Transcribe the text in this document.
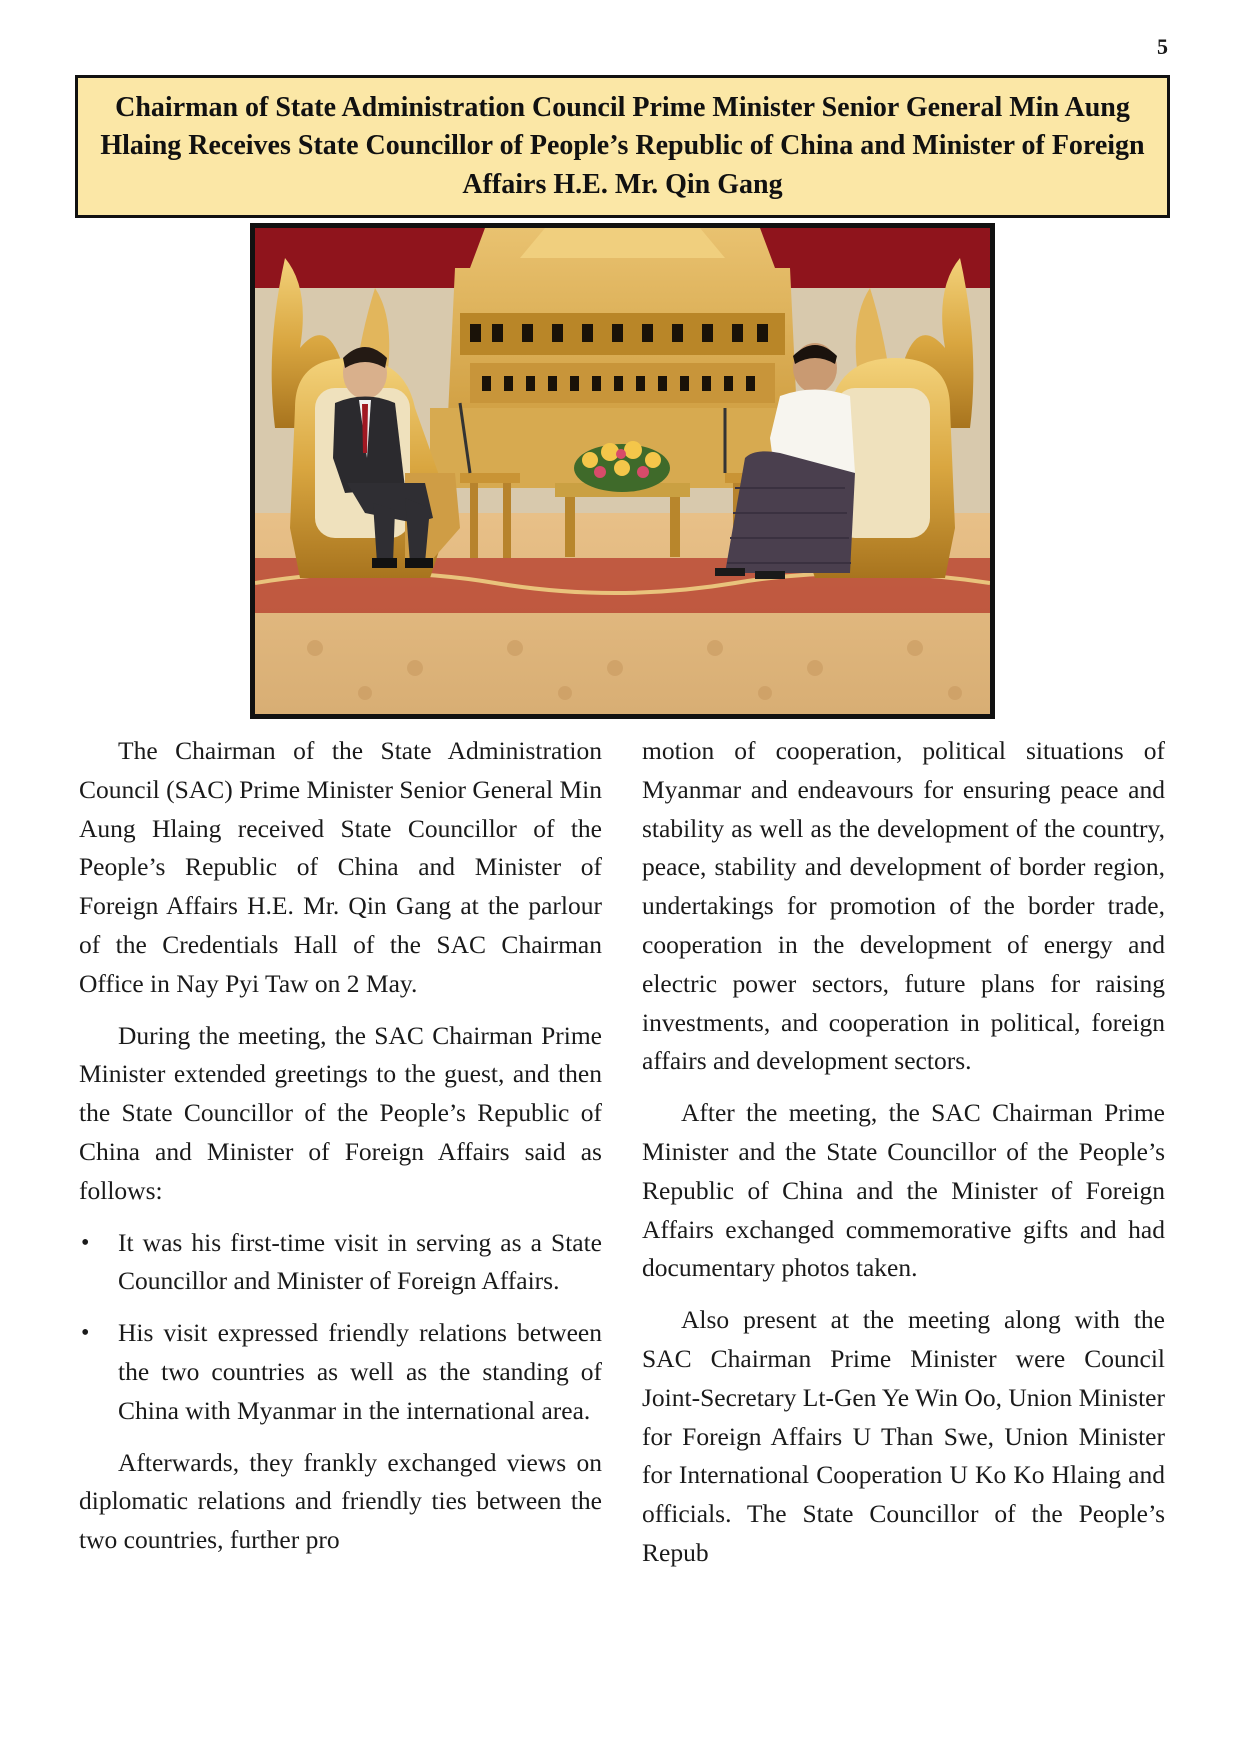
5
Chairman of State Administration Council Prime Minister Senior General Min Aung Hlaing Receives State Councillor of People’s Republic of China and Minister of Foreign Affairs H.E. Mr. Qin Gang

The Chairman of the State Administration Council (SAC) Prime Minister Senior General Min Aung Hlaing received State Councillor of the People’s Republic of China and Minister of Foreign Affairs H.E. Mr. Qin Gang at the parlour of the Credentials Hall of the SAC Chairman Office in Nay Pyi Taw on 2 May.

During the meeting, the SAC Chairman Prime Minister extended greetings to the guest, and then the State Councillor of the People’s Republic of China and Minister of Foreign Affairs said as follows:

• It was his first-time visit in serving as a State Councillor and Minister of Foreign Affairs.
• His visit expressed friendly relations between the two countries as well as the standing of China with Myanmar in the international area.

Afterwards, they frankly exchanged views on diplomatic relations and friendly ties between the two countries, further pro

motion of cooperation, political situations of Myanmar and endeavours for ensuring peace and stability as well as the development of the country, peace, stability and development of border region, undertakings for promotion of the border trade, cooperation in the development of energy and electric power sectors, future plans for raising investments, and cooperation in political, foreign affairs and development sectors.

After the meeting, the SAC Chairman Prime Minister and the State Councillor of the People’s Republic of China and the Minister of Foreign Affairs exchanged commemorative gifts and had documentary photos taken.

Also present at the meeting along with the SAC Chairman Prime Minister were Council Joint-Secretary Lt-Gen Ye Win Oo, Union Minister for Foreign Affairs U Than Swe, Union Minister for International Cooperation U Ko Ko Hlaing and officials. The State Councillor of the People’s Repub
